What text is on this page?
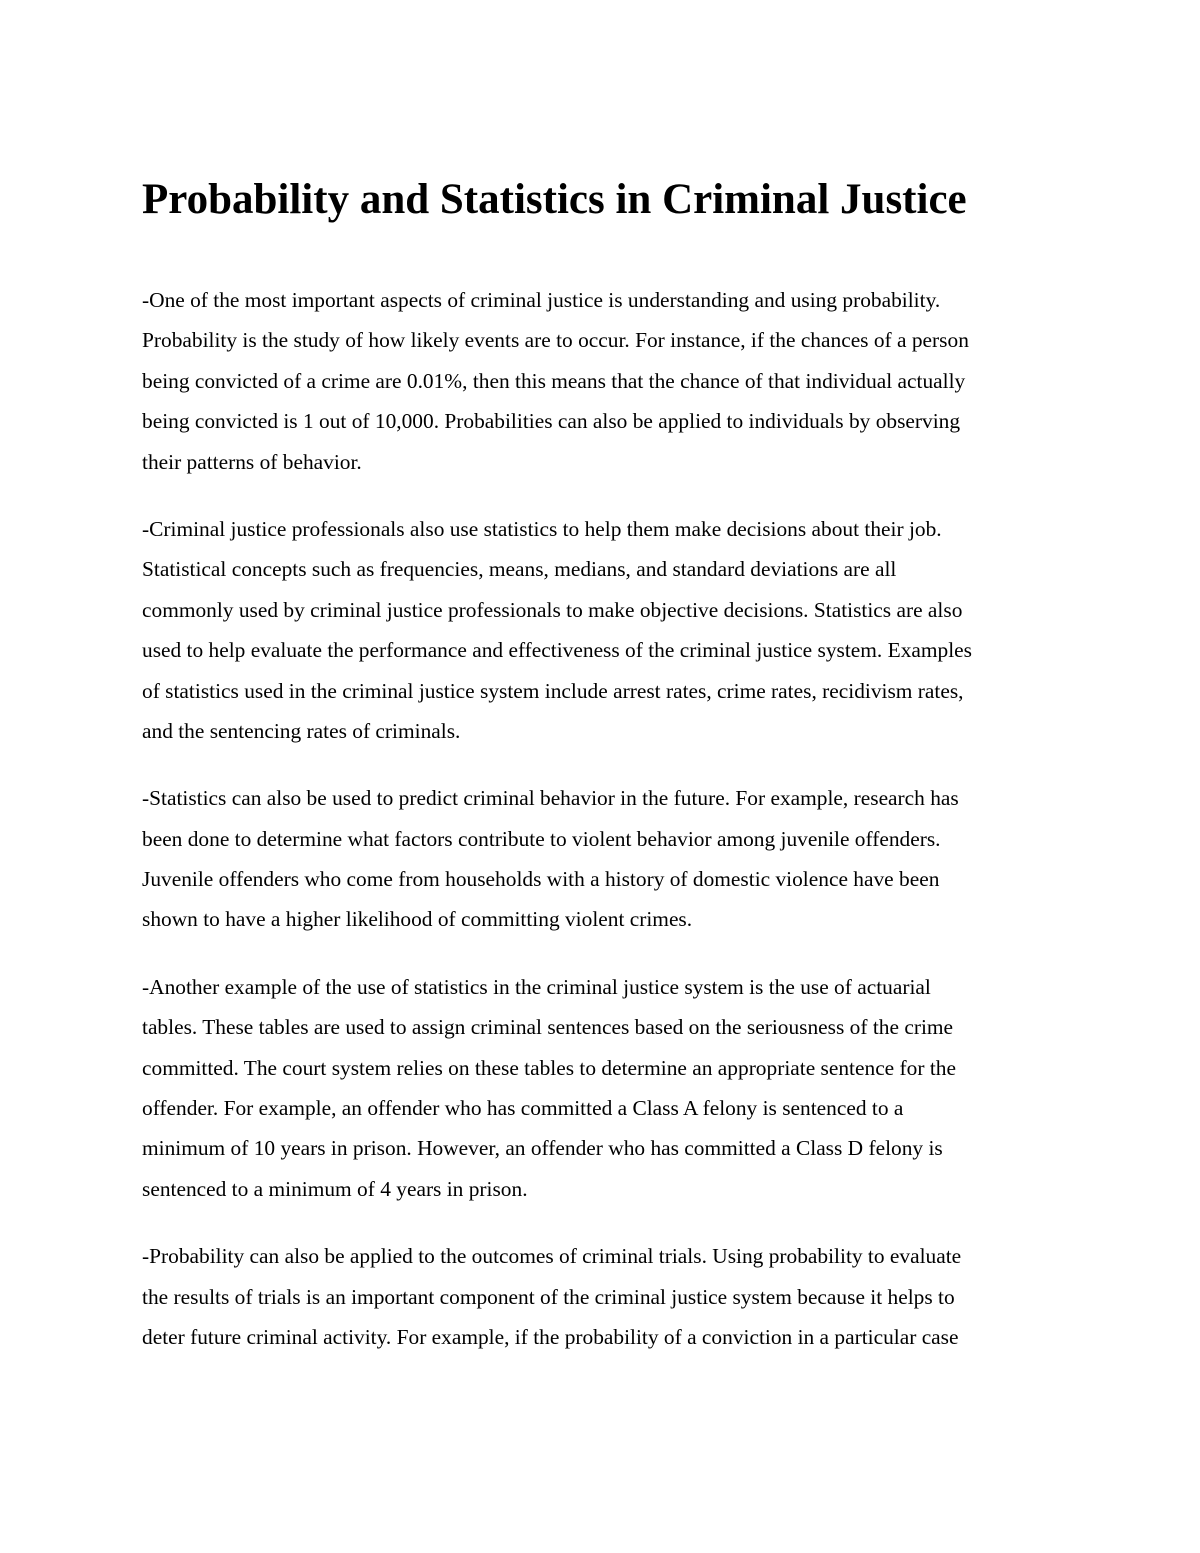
Probability and Statistics in Criminal Justice

-One of the most important aspects of criminal justice is understanding and using probability.
Probability is the study of how likely events are to occur. For instance, if the chances of a person
being convicted of a crime are 0.01%, then this means that the chance of that individual actually
being convicted is 1 out of 10,000. Probabilities can also be applied to individuals by observing
their patterns of behavior.

-Criminal justice professionals also use statistics to help them make decisions about their job.
Statistical concepts such as frequencies, means, medians, and standard deviations are all
commonly used by criminal justice professionals to make objective decisions. Statistics are also
used to help evaluate the performance and effectiveness of the criminal justice system. Examples
of statistics used in the criminal justice system include arrest rates, crime rates, recidivism rates,
and the sentencing rates of criminals.

-Statistics can also be used to predict criminal behavior in the future. For example, research has
been done to determine what factors contribute to violent behavior among juvenile offenders.
Juvenile offenders who come from households with a history of domestic violence have been
shown to have a higher likelihood of committing violent crimes.

-Another example of the use of statistics in the criminal justice system is the use of actuarial
tables. These tables are used to assign criminal sentences based on the seriousness of the crime
committed. The court system relies on these tables to determine an appropriate sentence for the
offender. For example, an offender who has committed a Class A felony is sentenced to a
minimum of 10 years in prison. However, an offender who has committed a Class D felony is
sentenced to a minimum of 4 years in prison.

-Probability can also be applied to the outcomes of criminal trials. Using probability to evaluate
the results of trials is an important component of the criminal justice system because it helps to
deter future criminal activity. For example, if the probability of a conviction in a particular case
